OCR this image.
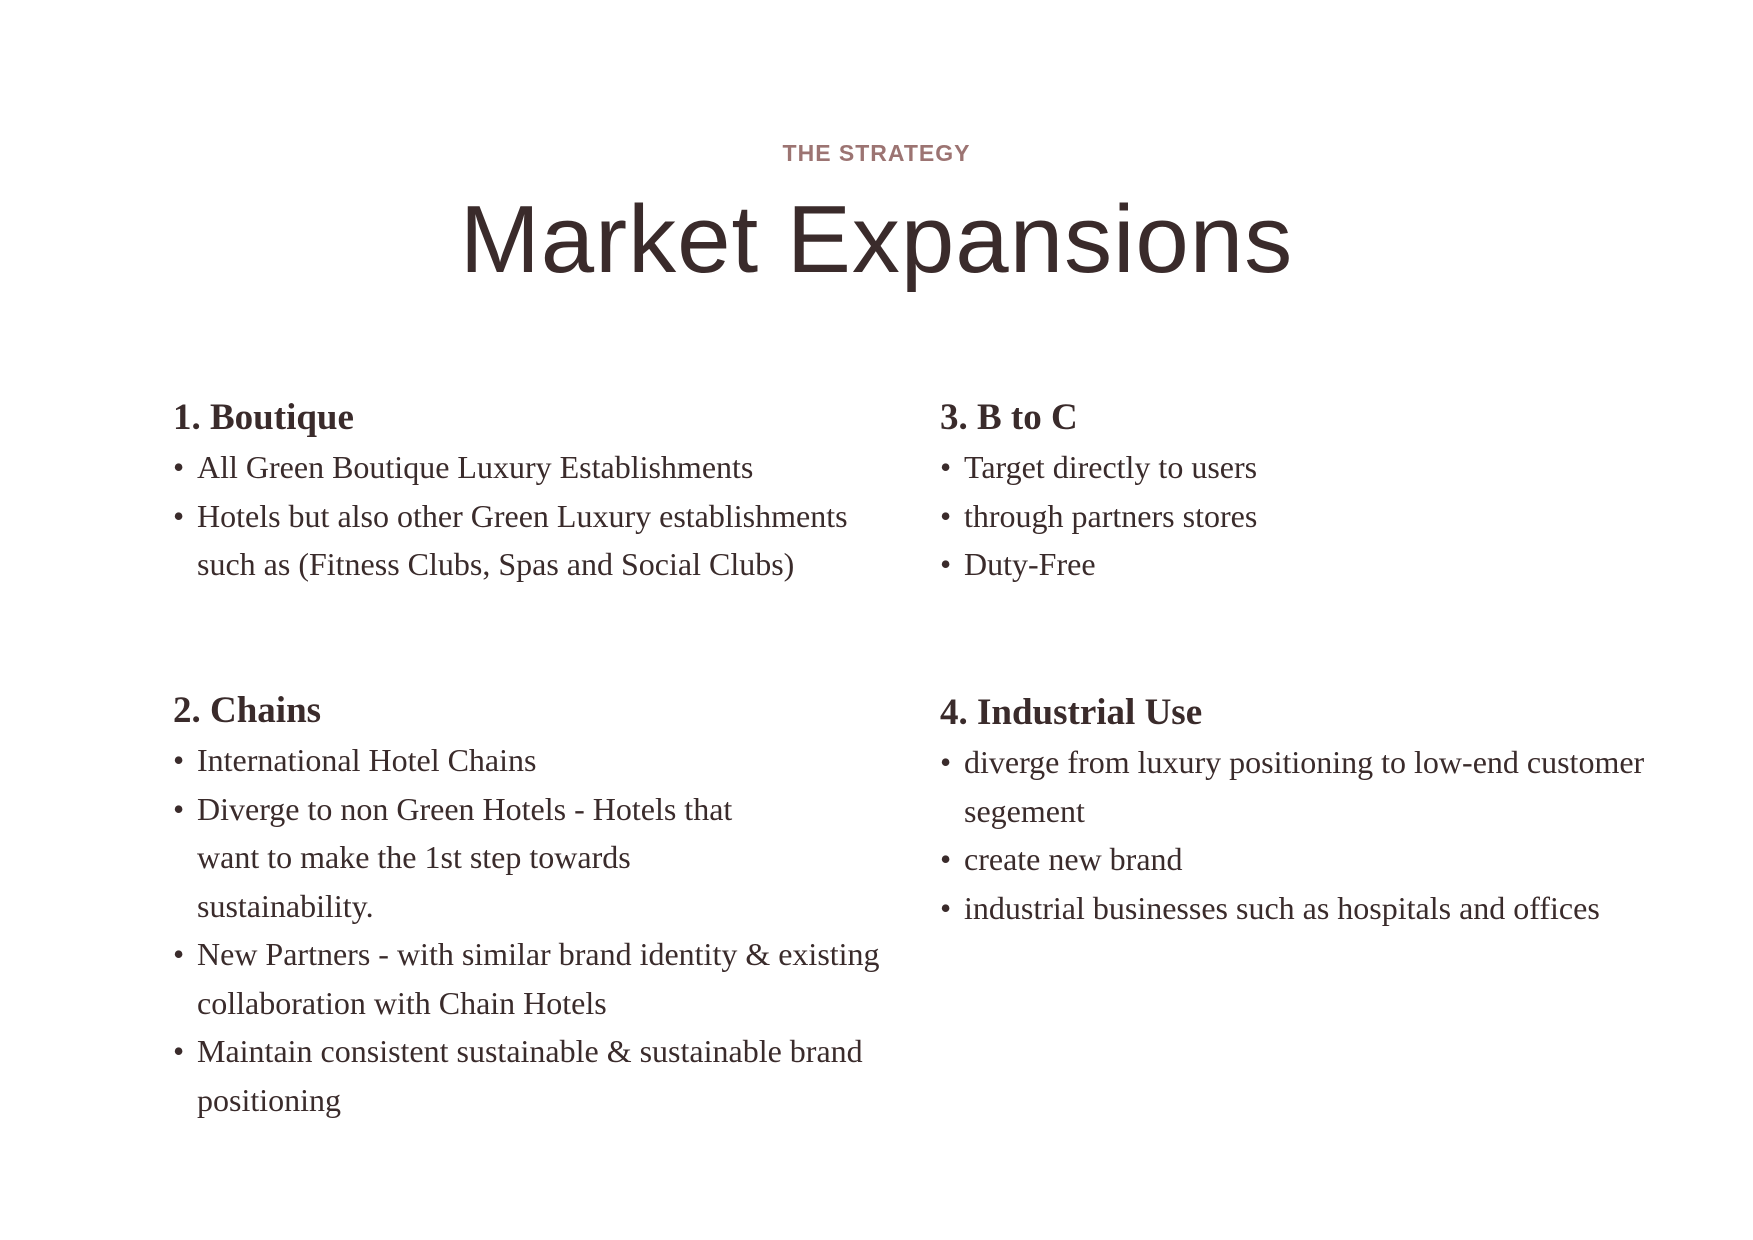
THE STRATEGY
Market Expansions
1. Boutique
• All Green Boutique Luxury Establishments
• Hotels but also other Green Luxury establishments such as (Fitness Clubs, Spas and Social Clubs)
2. Chains
• International Hotel Chains
• Diverge to non Green Hotels - Hotels that want to make the 1st step towards sustainability.
• New Partners - with similar brand identity & existing collaboration with Chain Hotels
• Maintain consistent sustainable & sustainable brand positioning
3. B to C
• Target directly to users
• through partners stores
• Duty-Free
4. Industrial Use
• diverge from luxury positioning to low-end customer segement
• create new brand
• industrial businesses such as hospitals and offices
